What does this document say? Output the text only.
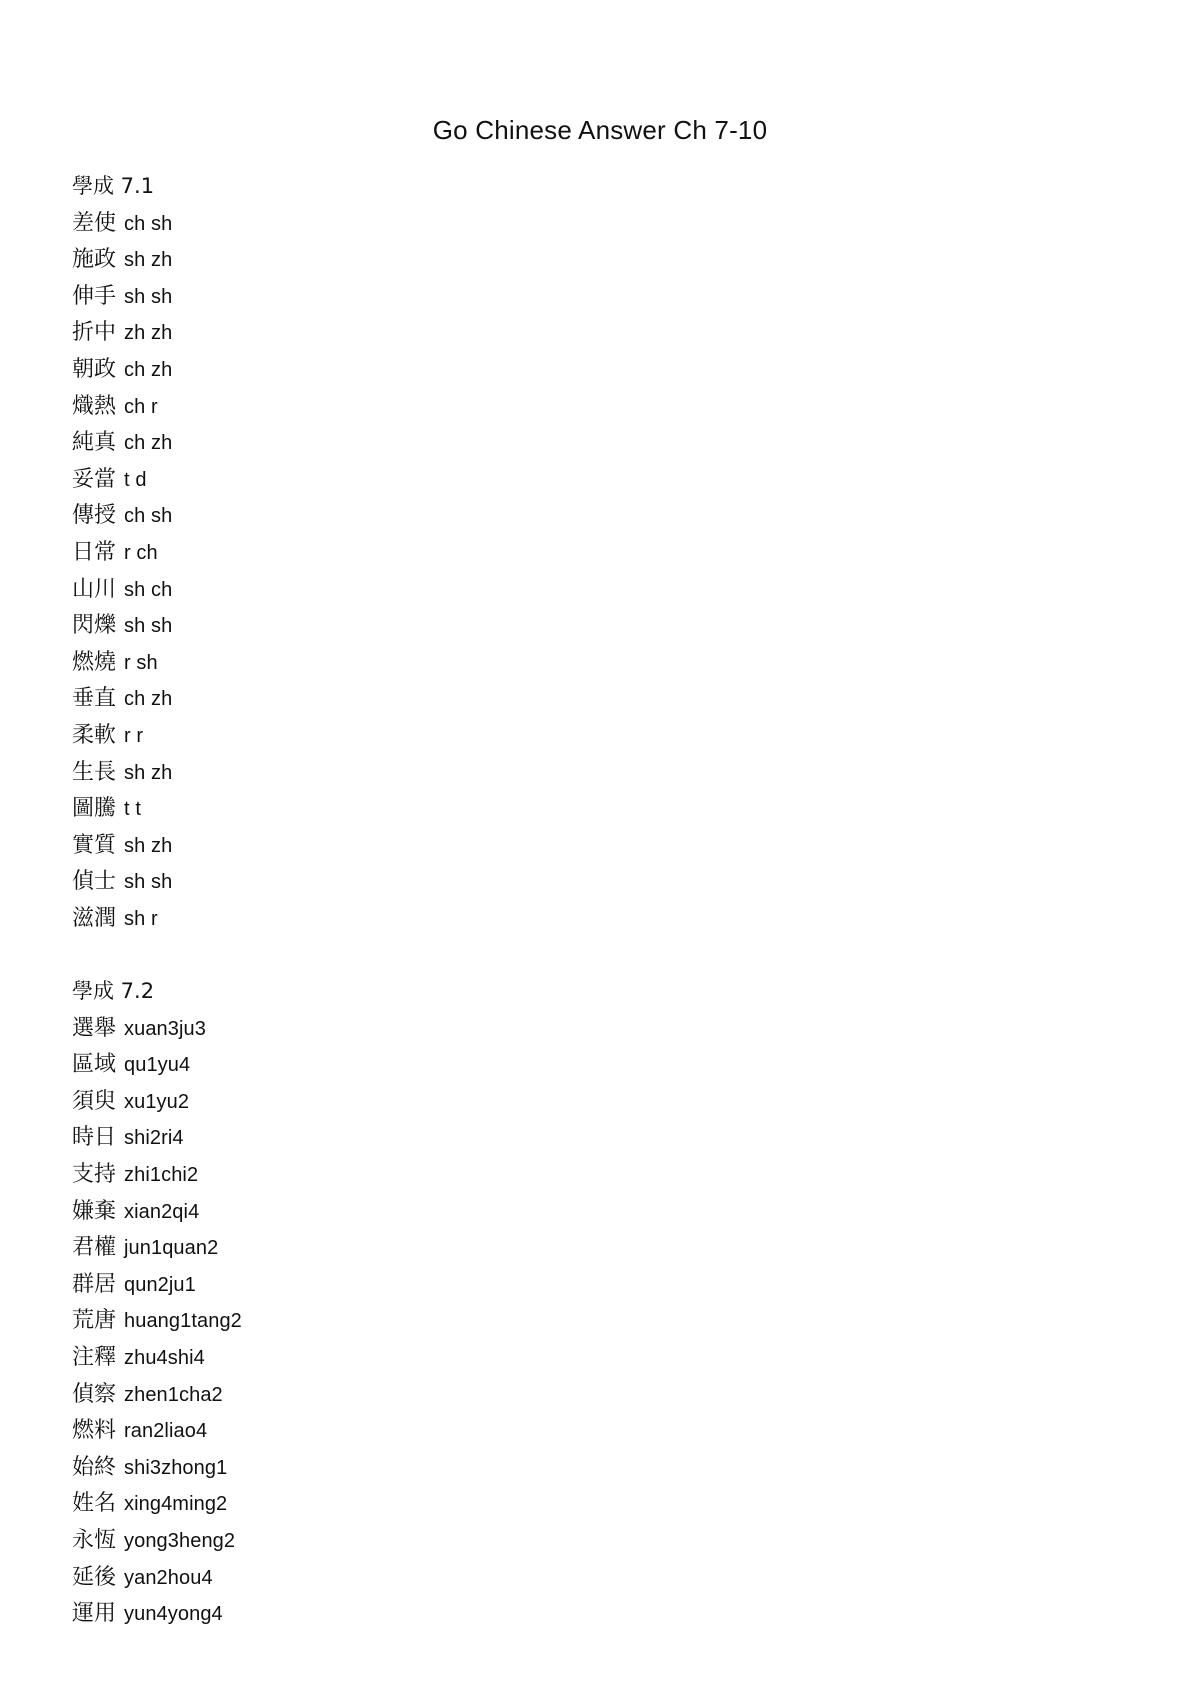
Go Chinese Answer Ch 7-10
學成 7.1
差使 ch sh
施政 sh zh
伸手 sh sh
折中 zh zh
朝政 ch zh
熾熱 ch r
純真 ch zh
妥當 t d
傳授 ch sh
日常 r ch
山川 sh ch
閃爍 sh sh
燃燒 r sh
垂直 ch zh
柔軟 r r
生長 sh zh
圖騰 t t
實質 sh zh
偵士 sh sh
滋潤 sh r
學成 7.2
選舉 xuan3ju3
區域 qu1yu4
須臾 xu1yu2
時日 shi2ri4
支持 zhi1chi2
嫌棄 xian2qi4
君權 jun1quan2
群居 qun2ju1
荒唐 huang1tang2
注釋 zhu4shi4
偵察 zhen1cha2
燃料 ran2liao4
始終 shi3zhong1
姓名 xing4ming2
永恆 yong3heng2
延後 yan2hou4
運用 yun4yong4
